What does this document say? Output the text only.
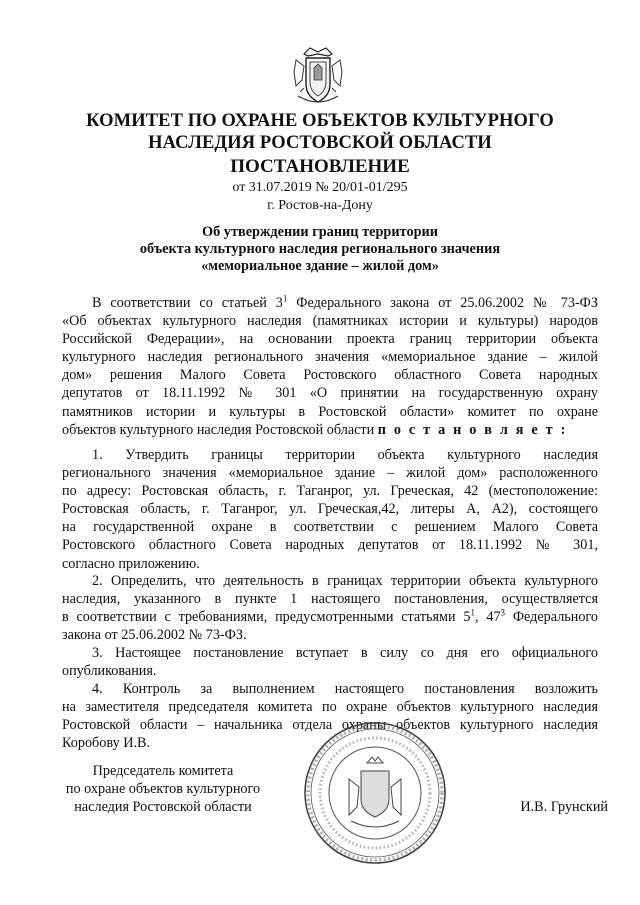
КОМИТЕТ ПО ОХРАНЕ ОБЪЕКТОВ КУЛЬТУРНОГО
НАСЛЕДИЯ РОСТОВСКОЙ ОБЛАСТИ
ПОСТАНОВЛЕНИЕ
от 31.07.2019 № 20/01-01/295
г. Ростов-на-Дону
Об утверждении границ территории
объекта культурного наследия регионального значения
«мемориальное здание – жилой дом»
В соответствии со статьей $3^1$ Федерального закона от 25.06.2002 № 73-ФЗ
«Об объектах культурного наследия (памятниках истории и культуры) народов
Российской Федерации», на основании проекта границ территории объекта
культурного наследия регионального значения «мемориальное здание – жилой
дом» решения Малого Совета Ростовского областного Совета народных
депутатов от 18.11.1992 № 301 «О принятии на государственную охрану
памятников истории и культуры в Ростовской области» комитет по охране
объектов культурного наследия Ростовской области п о с т а н о в л я е т :
1. Утвердить границы территории объекта культурного наследия
регионального значения «мемориальное здание – жилой дом» расположенного
по адресу: Ростовская область, г. Таганрог, ул. Греческая, 42 (местоположение:
Ростовская область, г. Таганрог, ул. Греческая,42, литеры А, А2), состоящего
на государственной охране в соответствии с решением Малого Совета
Ростовского областного Совета народных депутатов от 18.11.1992 № 301,
согласно приложению.
2. Определить, что деятельность в границах территории объекта культурного
наследия, указанного в пункте 1 настоящего постановления, осуществляется
в соответствии с требованиями, предусмотренными статьями $5^1$, $47^3$ Федерального
закона от 25.06.2002 № 73-ФЗ.
3. Настоящее постановление вступает в силу со дня его официального
опубликования.
4. Контроль за выполнением настоящего постановления возложить
на заместителя председателя комитета по охране объектов культурного наследия
Ростовской области – начальника отдела охраны объектов культурного наследия
Коробову И.В.
Председатель комитета
по охране объектов культурного
наследия Ростовской области	И.В. Грунский
